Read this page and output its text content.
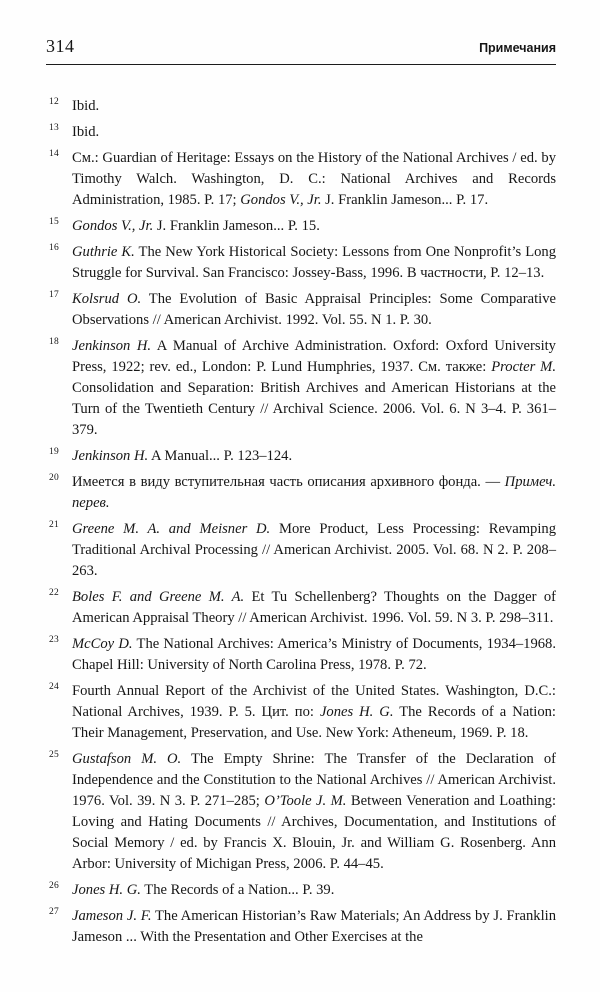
314	Примечания
12 Ibid.

13 Ibid.

14 См.: Guardian of Heritage: Essays on the History of the National Archives / ed. by Timothy Walch. Washington, D. C.: National Archives and Records Administration, 1985. P. 17; Gondos V., Jr. J. Franklin Jameson... P. 17.

15 Gondos V., Jr. J. Franklin Jameson... P. 15.

16 Guthrie K. The New York Historical Society: Lessons from One Nonprofit’s Long Struggle for Survival. San Francisco: Jossey-Bass, 1996. В частности, P. 12–13.

17 Kolsrud O. The Evolution of Basic Appraisal Principles: Some Comparative Observations // American Archivist. 1992. Vol. 55. N 1. P. 30.

18 Jenkinson H. A Manual of Archive Administration. Oxford: Oxford University Press, 1922; rev. ed., London: P. Lund Humphries, 1937. См. также: Procter M. Consolidation and Separation: British Archives and American Historians at the Turn of the Twentieth Century // Archival Science. 2006. Vol. 6. N 3–4. P. 361–379.

19 Jenkinson H. A Manual... P. 123–124.

20 Имеется в виду вступительная часть описания архивного фонда. — Примеч. перев.

21 Greene M. A. and Meisner D. More Product, Less Processing: Revamping Traditional Archival Processing // American Archivist. 2005. Vol. 68. N 2. P. 208–263.

22 Boles F. and Greene M. A. Et Tu Schellenberg? Thoughts on the Dagger of American Appraisal Theory // American Archivist. 1996. Vol. 59. N 3. P. 298–311.

23 McCoy D. The National Archives: America’s Ministry of Documents, 1934–1968. Chapel Hill: University of North Carolina Press, 1978. P. 72.

24 Fourth Annual Report of the Archivist of the United States. Washington, D.C.: National Archives, 1939. P. 5. Цит. по: Jones H. G. The Records of a Nation: Their Management, Preservation, and Use. New York: Atheneum, 1969. P. 18.

25 Gustafson M. O. The Empty Shrine: The Transfer of the Declaration of Independence and the Constitution to the National Archives // American Archivist. 1976. Vol. 39. N 3. P. 271–285; O’Toole J. M. Between Veneration and Loathing: Loving and Hating Documents // Archives, Documentation, and Institutions of Social Memory / ed. by Francis X. Blouin, Jr. and William G. Rosenberg. Ann Arbor: University of Michigan Press, 2006. P. 44–45.

26 Jones H. G. The Records of a Nation... P. 39.

27 Jameson J. F. The American Historian’s Raw Materials; An Address by J. Franklin Jameson ... With the Presentation and Other Exercises at the
